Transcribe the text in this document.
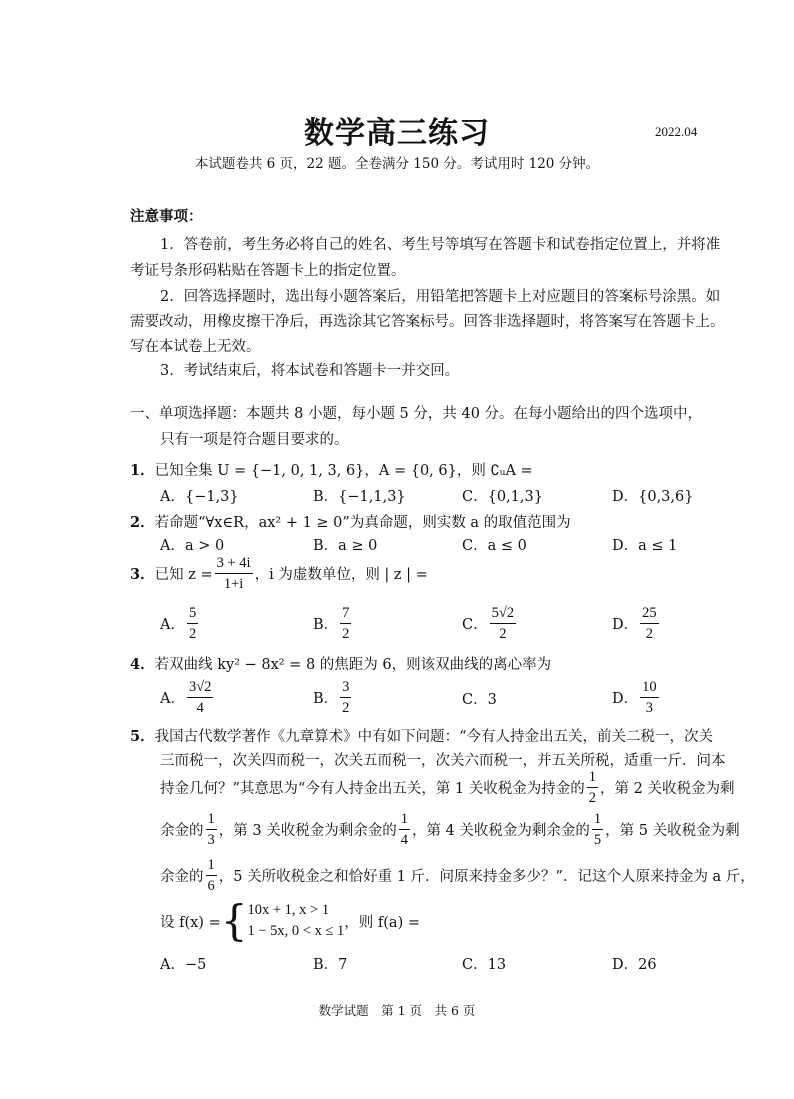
数学高三练习	2022.04
本试题卷共 6 页，22 题。全卷满分 150 分。考试用时 120 分钟。
注意事项：
1．答卷前，考生务必将自己的姓名、考生号等填写在答题卡和试卷指定位置上，并将准
考证号条形码粘贴在答题卡上的指定位置。
2．回答选择题时，选出每小题答案后，用铅笔把答题卡上对应题目的答案标号涂黑。如
需要改动，用橡皮擦干净后，再选涂其它答案标号。回答非选择题时，将答案写在答题卡上。
写在本试卷上无效。
3．考试结束后，将本试卷和答题卡一并交回。
一、单项选择题：本题共 8 小题，每小题 5 分，共 40 分。在每小题给出的四个选项中，
只有一项是符合题目要求的。
1．已知全集 U = {−1, 0, 1, 3, 6}，A = {0, 6}，则 ∁ᵤA =
A．{−1,3}	B．{−1,1,3}	C．{0,1,3}	D．{0,3,6}
2．若命题“∀x∈R，ax² + 1 ≥ 0”为真命题，则实数 a 的取值范围为
A．a > 0	B．a ≥ 0	C．a ≤ 0	D．a ≤ 1
3． 已知 $z = \frac{3 + 4i}{1+i}$ ，i 为虚数单位，则 | z | =
A． $\frac{5}{2}$	B． $\frac{7}{2}$	C． $\frac{5√2}{2}$	D． $\frac{25}{2}$
4．若双曲线 ky² − 8x² = 8 的焦距为 6，则该双曲线的离心率为
A． $\frac{3√2}{4}$	B． $\frac{3}{2}$	C．3	D． $\frac{10}{3}$
5．我国古代数学著作《九章算术》中有如下问题：“今有人持金出五关，前关二税一，次关
三而税一，次关四而税一，次关五而税一，次关六而税一，并五关所税，适重一斤．问本
持金几何？”其意思为“今有人持金出五关，第 1 关收税金为持金的 $\frac{1}{2}$ ，第 2 关收税金为剩
余金的 $\frac{1}{3}$ ，第 3 关收税金为剩余金的 $\frac{1}{4}$ ，第 4 关收税金为剩余金的 $\frac{1}{5}$ ，第 5 关收税金为剩
余金的 $\frac{1}{6}$ ，5 关所收税金之和恰好重 1 斤．问原来持金多少？”．记这个人原来持金为 a 斤，
设 f(x) = { 10x + 1, x > 1
1 − 5x, 0 < x ≤ 1
，则 f(a) =
A．−5	B．7	C．13	D．26
数学试题　第 1 页　共 6 页
